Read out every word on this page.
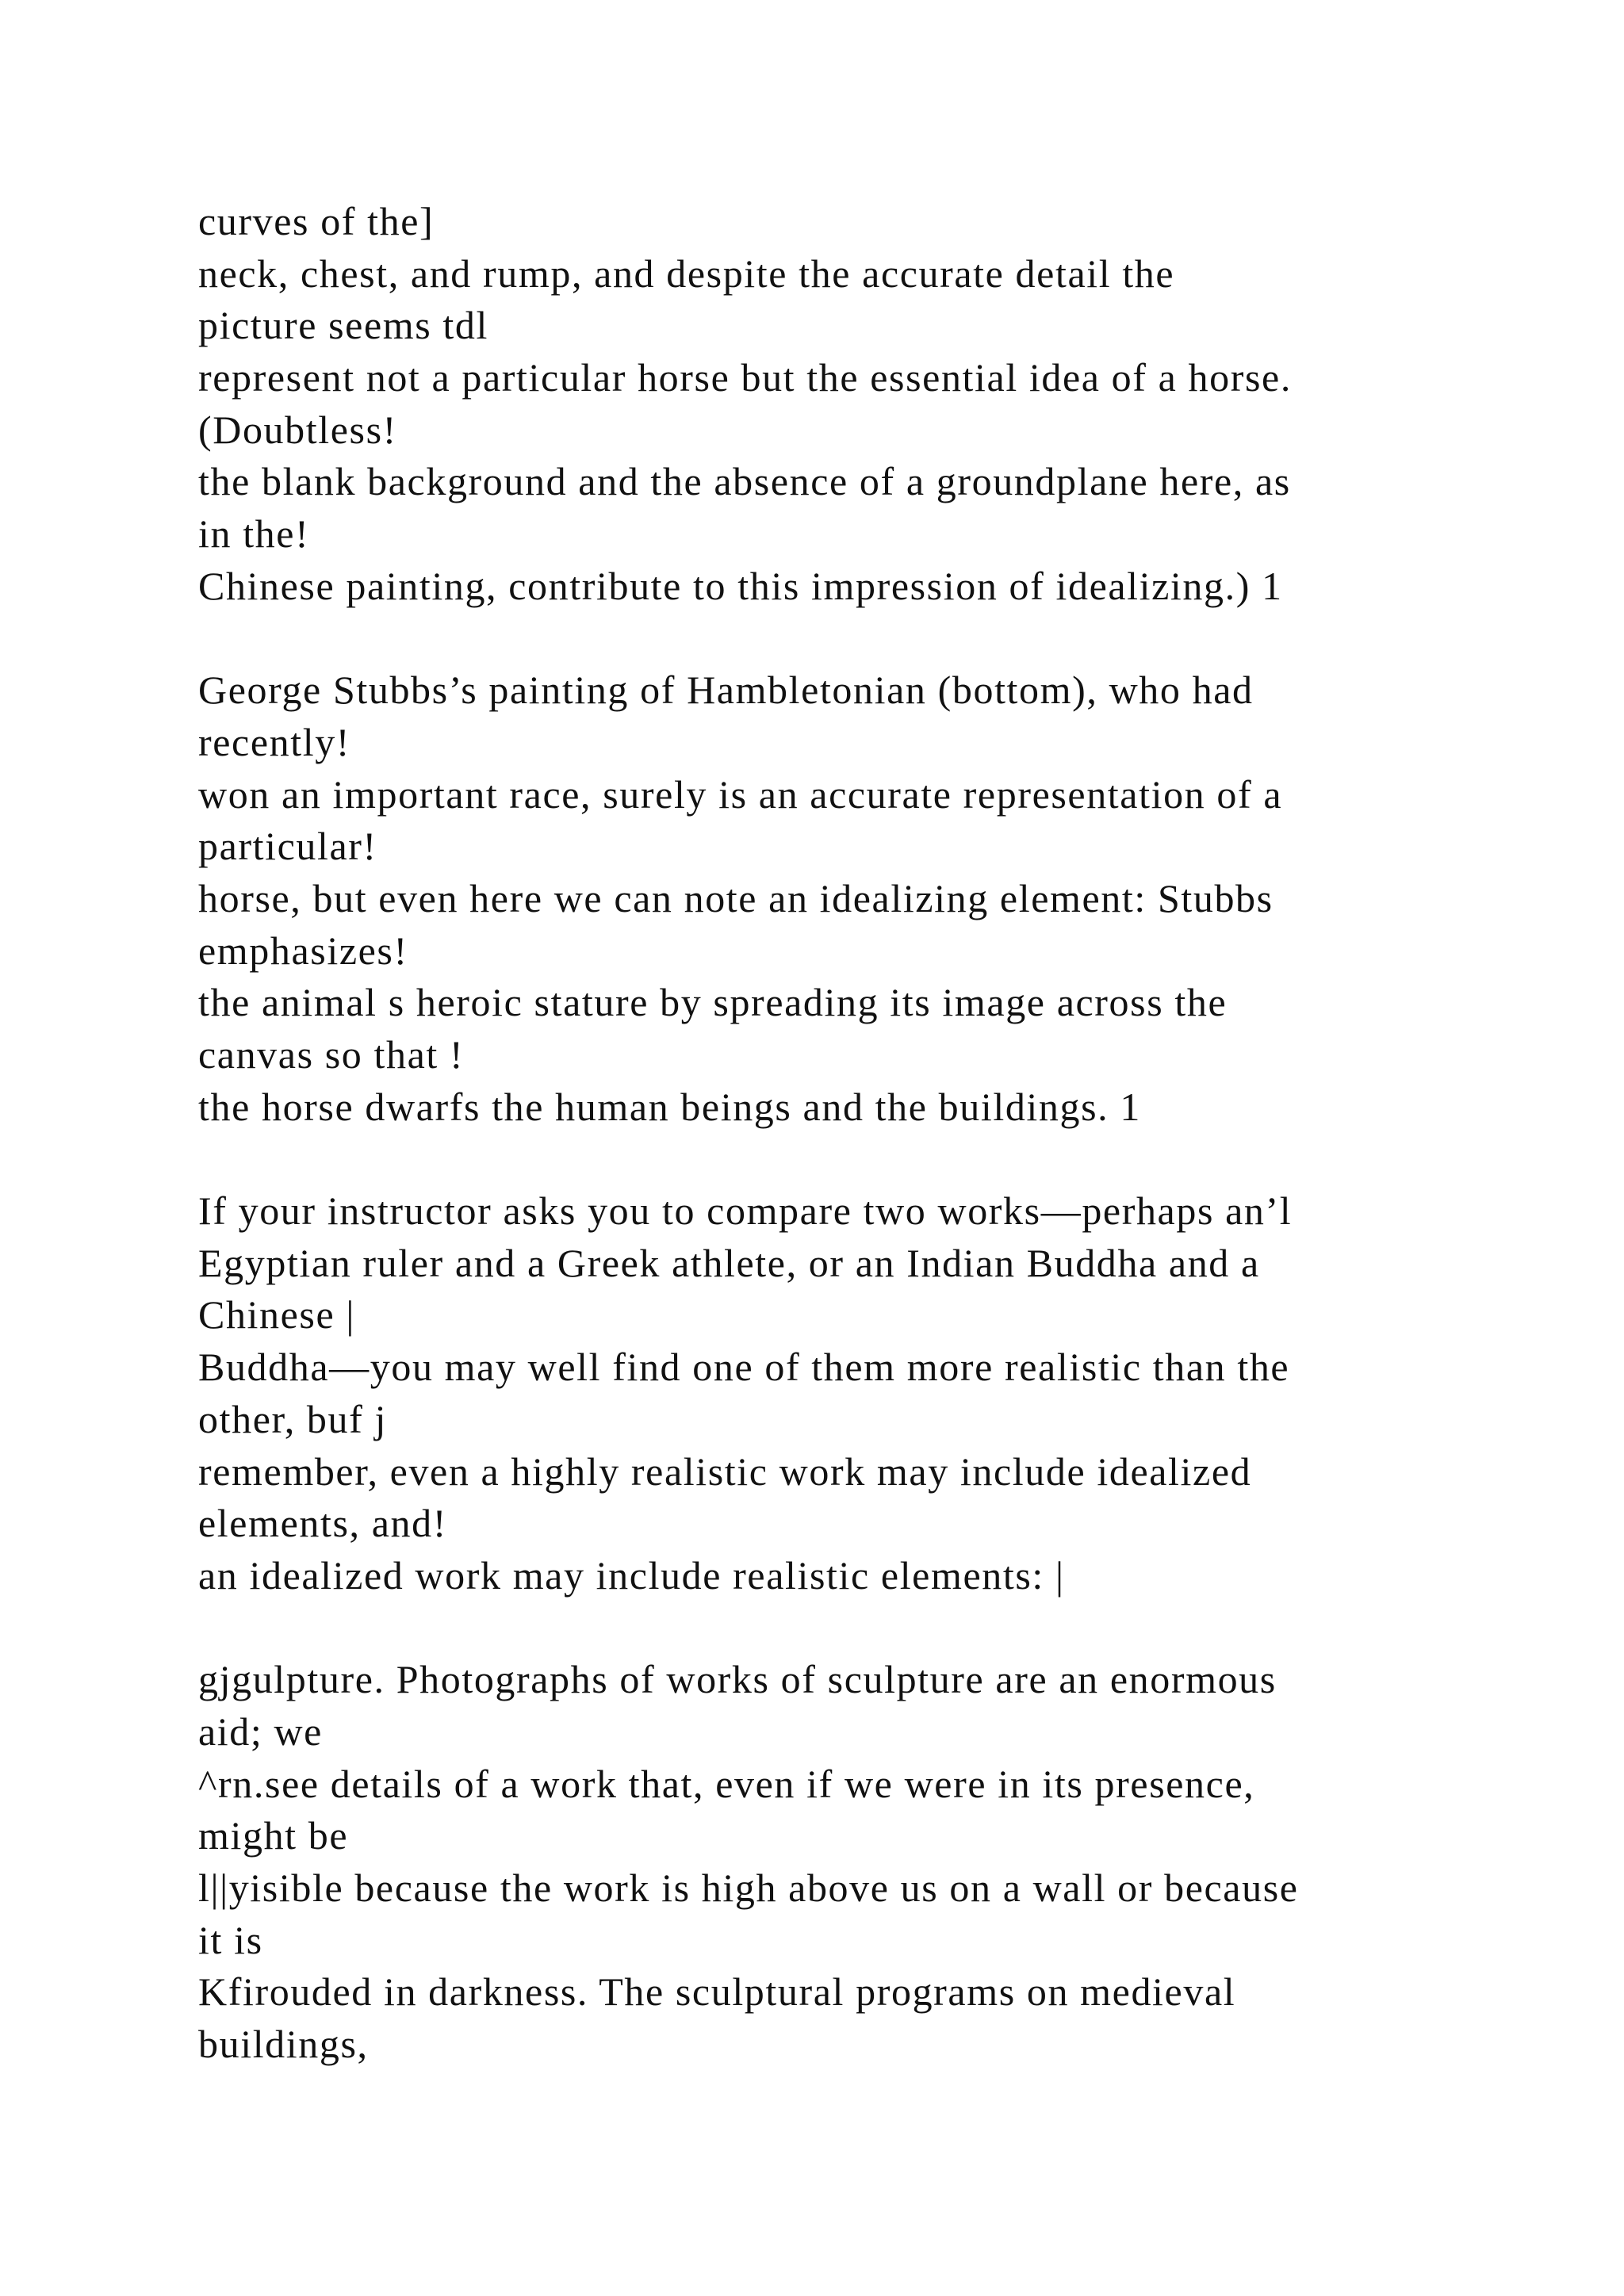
curves of the]
neck, chest, and rump, and despite the accurate detail the
picture seems tdl
represent not a particular horse but the essential idea of a horse.
(Doubtless!
the blank background and the absence of a groundplane here, as
in the!
Chinese painting, contribute to this impression of idealizing.) 1
George Stubbs’s painting of Hambletonian (bottom), who had
recently!
won an important race, surely is an accurate representation of a
particular!
horse, but even here we can note an idealizing element: Stubbs
emphasizes!
the animal s heroic stature by spreading its image across the
canvas so that !
the horse dwarfs the human beings and the buildings. 1
If your instructor asks you to compare two works—perhaps an’l
Egyptian ruler and a Greek athlete, or an Indian Buddha and a
Chinese |
Buddha—you may well find one of them more realistic than the
other, buf j
remember, even a highly realistic work may include idealized
elements, and!
an idealized work may include realistic elements: |
gjgulpture. Photographs of works of sculpture are an enormous
aid; we
^rn.see details of a work that, even if we were in its presence,
might be
l||yisible because the work is high above us on a wall or because
it is
Kfirouded in darkness. The sculptural programs on medieval
buildings,
